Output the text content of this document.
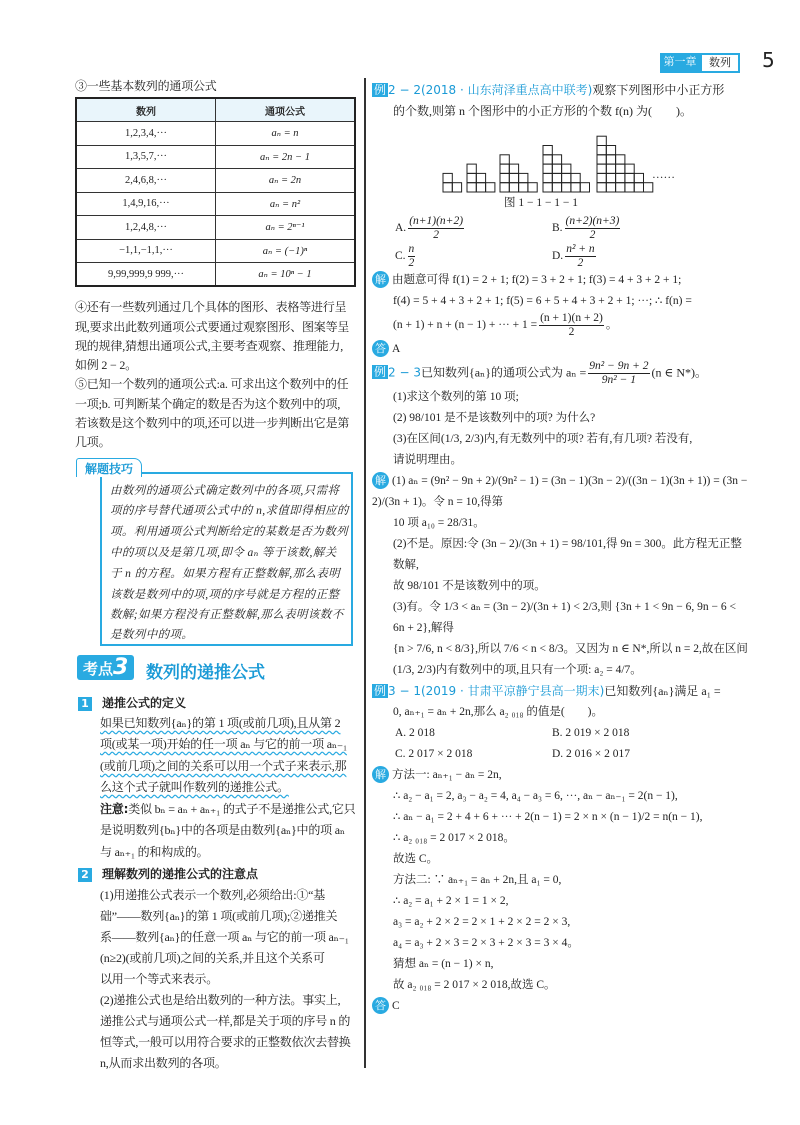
第一章	数列	5
③一些基本数列的通项公式
数列	通项公式
1,2,3,4,···	aₙ = n
1,3,5,7,···	aₙ = 2n − 1
2,4,6,8,···	aₙ = 2n
1,4,9,16,···	aₙ = n²
1,2,4,8,···	aₙ = 2ⁿ⁻¹
−1,1,−1,1,···	aₙ = (−1)ⁿ
9,99,999,9 999,···	aₙ = 10ⁿ − 1
④还有一些数列通过几个具体的图形、表格等进行呈
现,要求出此数列通项公式要通过观察图形、图案等呈
现的规律,猜想出通项公式,主要考查观察、推理能力,
如例 2 − 2。
⑤已知一个数列的通项公式:a. 可求出这个数列中的任
一项;b. 可判断某个确定的数是否为这个数列中的项,
若该数是这个数列中的项,还可以进一步判断出它是第
几项。
解题技巧
由数列的通项公式确定数列中的各项,只需将
项的序号替代通项公式中的 n,求值即得相应的
项。利用通项公式判断给定的某数是否为数列
中的项以及是第几项,即令 aₙ 等于该数,解关
于 n 的方程。如果方程有正整数解,那么表明
该数是数列中的项,项的序号就是方程的正整
数解;如果方程没有正整数解,那么表明该数不
是数列中的项。
考点3	数列的递推公式
1 递推公式的定义
如果已知数列{aₙ}的第 1 项(或前几项),且从第 2
项(或某一项)开始的任一项 aₙ 与它的前一项 aₙ₋₁
(或前几项)之间的关系可以用一个式子来表示,那
么这个式子就叫作数列的递推公式。
注意:类似 bₙ = aₙ + aₙ₊₁ 的式子不是递推公式,它只
是说明数列{bₙ}中的各项是由数列{aₙ}中的项 aₙ
与 aₙ₊₁ 的和构成的。
2 理解数列的递推公式的注意点
(1)用递推公式表示一个数列,必须给出:①“基
础”——数列{aₙ}的第 1 项(或前几项);②递推关
系——数列{aₙ}的任意一项 aₙ 与它的前一项 aₙ₋₁
(n≥2)(或前几项)之间的关系,并且这个关系可
以用一个等式来表示。
(2)递推公式也是给出数列的一种方法。事实上,
递推公式与通项公式一样,都是关于项的序号 n 的
恒等式,一般可以用符合要求的正整数依次去替换
n,从而求出数列的各项。
例 2 − 2(2018 · 山东菏泽重点高中联考)观察下列图形中小正方形
的个数,则第 n 个图形中的小正方形的个数 f(n) 为(　　)。
……
图 1 − 1 − 1 − 1
A. $\frac{(n+1)(n+2)}{2}$	B. $\frac{(n+2)(n+3)}{2}$
C. $\frac{n}{2}$	D. $\frac{\text{n² + n}}{2}$
解 由题意可得 f(1) = 2 + 1; f(2) = 3 + 2 + 1; f(3) = 4 + 3 + 2 + 1;
f(4) = 5 + 4 + 3 + 2 + 1; f(5) = 6 + 5 + 4 + 3 + 2 + 1; ···; ∴ f(n) =
(n + 1) + n + (n − 1) + ··· + $1 = \frac{(n + 1)(n + 2)}{2}$ 。
答 A
例 2 − 3已知数列{aₙ}的通项公式为 $a_n = \frac{\text{9n² − 9n + 2}}{\text{9n² − 1}} (n$ ∈ N*)。
(1)求这个数列的第 10 项;
(2) 98/101 是不是该数列中的项? 为什么?
(3)在区间(1/3, 2/3)内,有无数列中的项? 若有,有几项? 若没有,
请说明理由。
解 (1) aₙ = (9n² − 9n + 2)/(9n² − 1) = (3n − 1)(3n − 2)/((3n − 1)(3n + 1)) = (3n − 2)/(3n + 1)。令 n = 10,得第
10 项 a₁₀ = 28/31。
(2)不是。原因:令 (3n − 2)/(3n + 1) = 98/101,得 9n = 300。此方程无正整数解,
故 98/101 不是该数列中的项。
(3)有。令 1/3 < aₙ = (3n − 2)/(3n + 1) < 2/3,则 {3n + 1 < 9n − 6, 9n − 6 < 6n + 2},解得
{n > 7/6, n < 8/3},所以 7/6 < n < 8/3。又因为 n ∈ N*,所以 n = 2,故在区间
(1/3, 2/3)内有数列中的项,且只有一个项: a₂ = 4/7。
例 3 − 1(2019 · 甘肃平凉静宁县高一期末)已知数列{aₙ}满足 a₁ =
0, aₙ₊₁ = aₙ + 2n,那么 a₂ ₀₁₈ 的值是(　　)。
A. 2 018	B. 2 019 × 2 018
C. 2 017 × 2 018	D. 2 016 × 2 017
解 方法一: aₙ₊₁ − aₙ = 2n,
∴ a₂ − a₁ = 2, a₃ − a₂ = 4, a₄ − a₃ = 6, ···, aₙ − aₙ₋₁ = 2(n − 1),
∴ aₙ − a₁ = 2 + 4 + 6 + ··· + 2(n − 1) = 2 × n × (n − 1)/2 = n(n − 1),
∴ a₂ ₀₁₈ = 2 017 × 2 018。
故选 C。
方法二: ∵ aₙ₊₁ = aₙ + 2n,且 a₁ = 0,
∴ a₂ = a₁ + 2 × 1 = 1 × 2,
a₃ = a₂ + 2 × 2 = 2 × 1 + 2 × 2 = 2 × 3,
a₄ = a₃ + 2 × 3 = 2 × 3 + 2 × 3 = 3 × 4。
猜想 aₙ = (n − 1) × n,
故 a₂ ₀₁₈ = 2 017 × 2 018,故选 C。
答 C
